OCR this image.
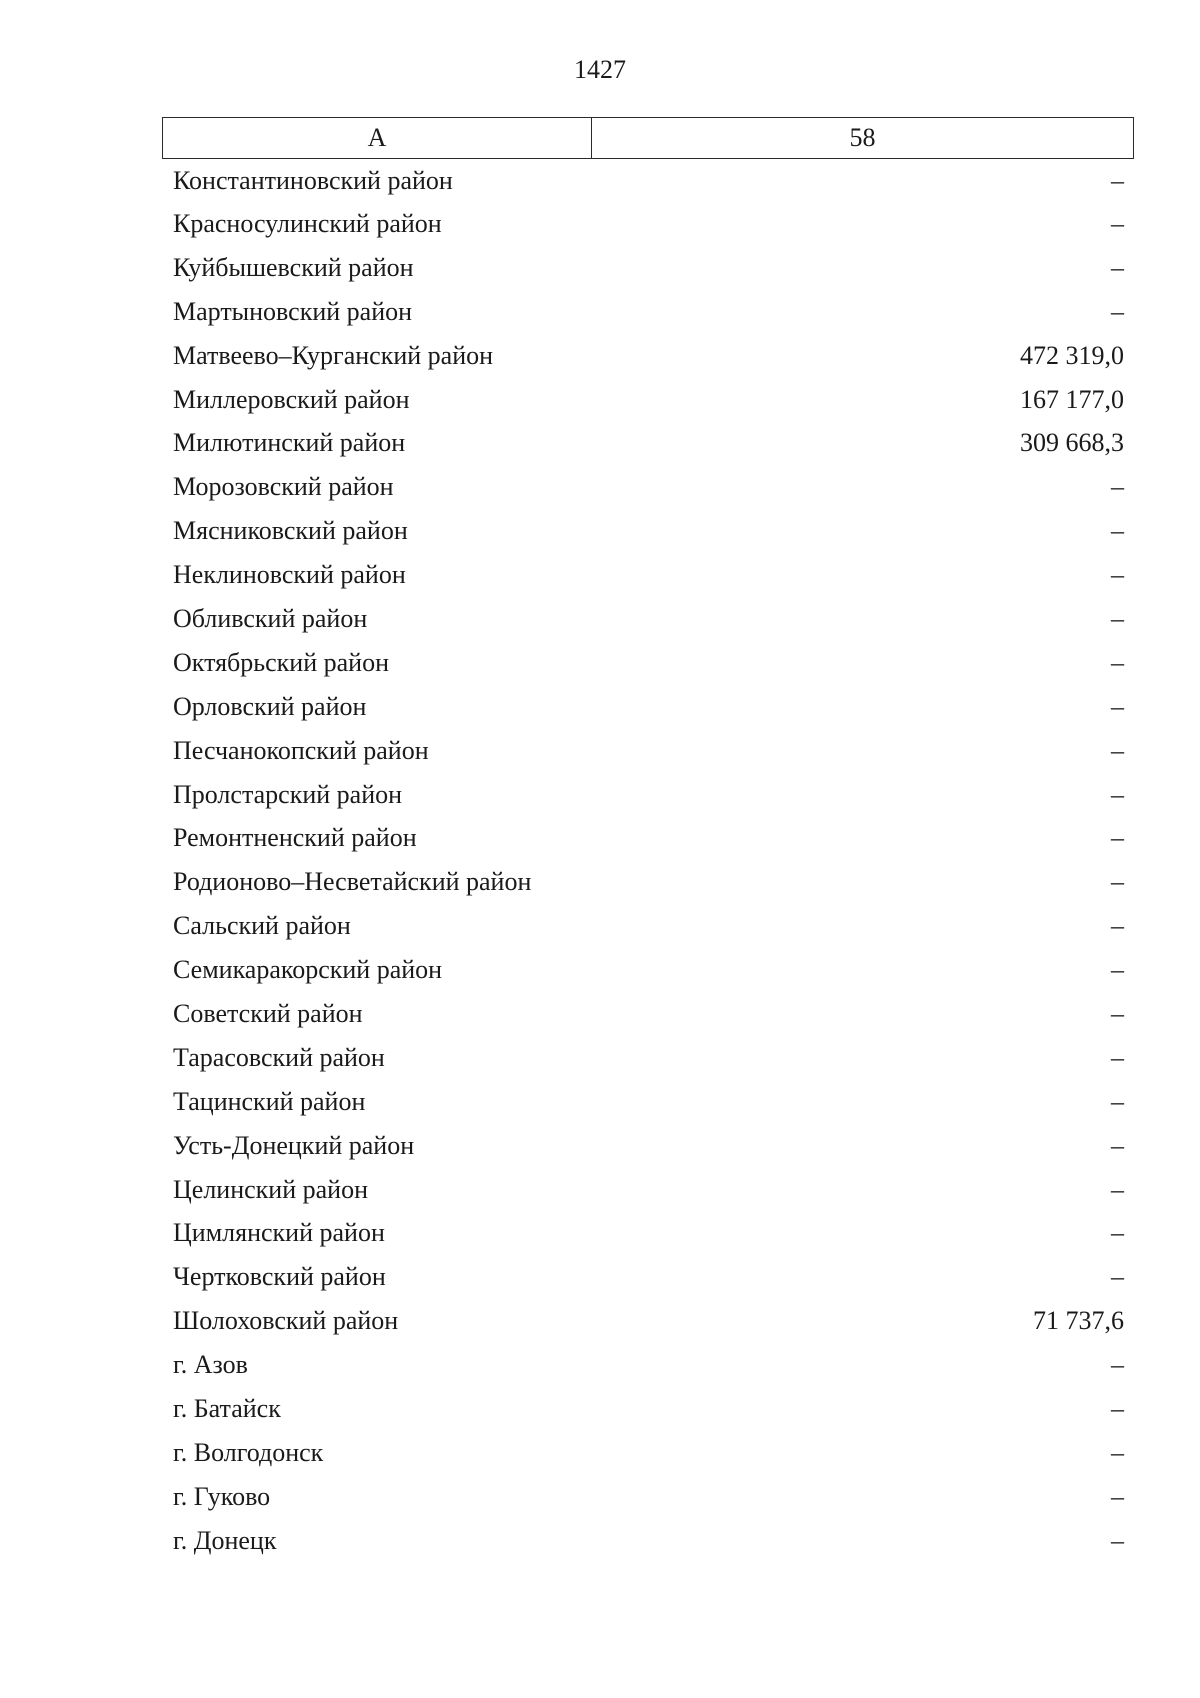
1427
А	58
Константиновский район	–
Красносулинский район	–
Куйбышевский район	–
Мартыновский район	–
Матвеево–Курганский район	472 319,0
Миллеровский район	167 177,0
Милютинский район	309 668,3
Морозовский район	–
Мясниковский район	–
Неклиновский район	–
Обливский район	–
Октябрьский район	–
Орловский район	–
Песчанокопский район	–
Пролстарский район	–
Ремонтненский район	–
Родионово–Несветайский район	–
Сальский район	–
Семикаракорский район	–
Советский район	–
Тарасовский район	–
Тацинский район	–
Усть-Донецкий район	–
Целинский район	–
Цимлянский район	–
Чертковский район	–
Шолоховский район	71 737,6
г. Азов	–
г. Батайск	–
г. Волгодонск	–
г. Гуково	–
г. Донецк	–
